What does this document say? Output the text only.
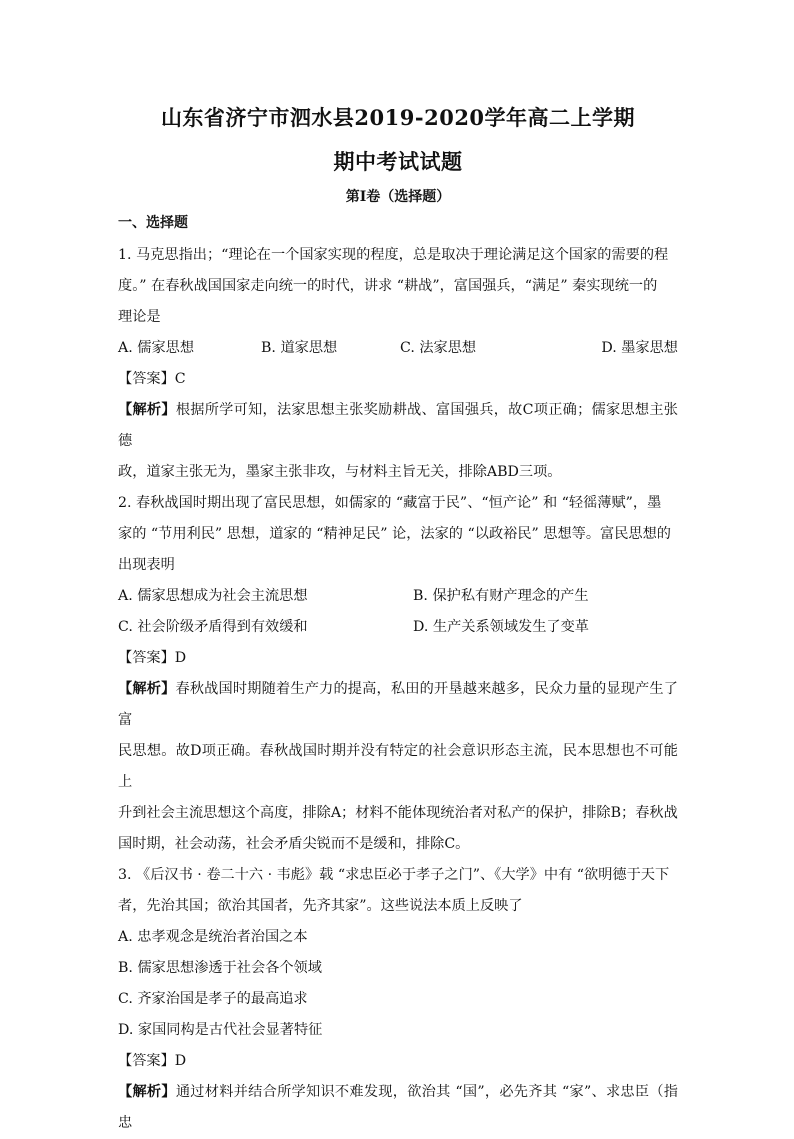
山东省济宁市泗水县2019-2020学年高二上学期

期中考试试题

第Ⅰ卷（选择题）

一、选择题

1. 马克思指出；“理论在一个国家实现的程度，总是取决于理论满足这个国家的需要的程

度。” 在春秋战国国家走向统一的时代，讲求 “耕战”，富国强兵，“满足” 秦实现统一的

理论是

A. 儒家思想	B. 道家思想	C. 法家思想	D. 墨家思想

【答案】C

【解析】根据所学可知，法家思想主张奖励耕战、富国强兵，故C项正确；儒家思想主张德

政，道家主张无为，墨家主张非攻，与材料主旨无关，排除ABD三项。

2. 春秋战国时期出现了富民思想，如儒家的 “藏富于民”、“恒产论” 和 “轻徭薄赋”，墨

家的 “节用利民” 思想，道家的 “精神足民” 论，法家的 “以政裕民” 思想等。富民思想的

出现表明

A. 儒家思想成为社会主流思想	B. 保护私有财产理念的产生
C. 社会阶级矛盾得到有效缓和	D. 生产关系领域发生了变革

【答案】D

【解析】春秋战国时期随着生产力的提高，私田的开垦越来越多，民众力量的显现产生了富

民思想。故D项正确。春秋战国时期并没有特定的社会意识形态主流，民本思想也不可能上

升到社会主流思想这个高度，排除A；材料不能体现统治者对私产的保护，排除B；春秋战

国时期，社会动荡，社会矛盾尖锐而不是缓和，排除C。

3. 《后汉书 · 卷二十六 · 韦彪》载 “求忠臣必于孝子之门”、《大学》中有 “欲明德于天下

者，先治其国；欲治其国者，先齐其家”。这些说法本质上反映了

A. 忠孝观念是统治者治国之本
B. 儒家思想渗透于社会各个领域
C. 齐家治国是孝子的最高追求
D. 家国同构是古代社会显著特征

【答案】D

【解析】通过材料并结合所学知识不难发现，欲治其 “国”，必先齐其 “家”、求忠臣（指忠
